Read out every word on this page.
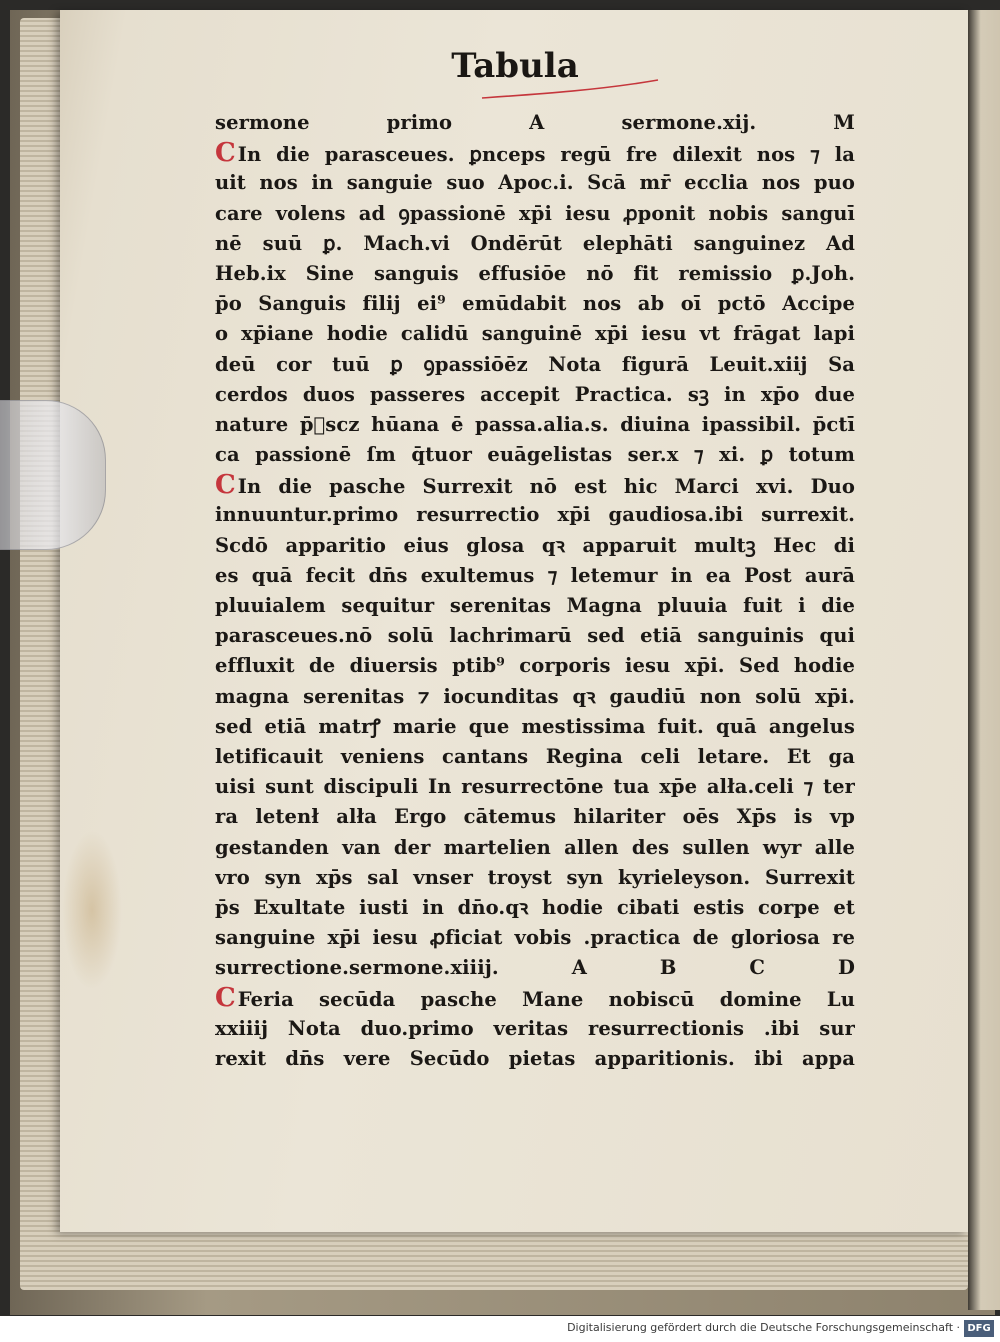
Tabula
sermone primo A sermone.xij. M
C In die parasceues. ꝑnceps regū fre dilexit nos ⁊ la
uit nos in sanguie suo Apoc.i. Scā mr̄ ecclia nos puo
care volens ad ꝯpassionē xp̄i iesu ꝓponit nobis sanguī
nē suū ꝑ. Mach.vi Ondērūt elephāti sanguinez Ad
Heb.ix Sine sanguis effusiōe nō fit remissio ꝑ.Joh.
p̄o Sanguis filij ei⁹ emūdabit nos ab oī pctō Accipe
o xp̄iane hodie calidū sanguinē xp̄i iesu vt frāgat lapi
deū cor tuū ꝑ ꝯpassiōēz Nota figurā Leuit.xiij Sa
cerdos duos passeres accepit Practica. sꝫ in xp̄o due
nature p̄᷑scz hūana ē passa.alia.s. diuina ipassibil. p̄ctī
ca passionē ſm q̄tuor euāgelistas ser.x ⁊ xi. ꝑ totum
C In die pasche Surrexit nō est hic Marci xvi. Duo
innuuntur.primo resurrectio xp̄i gaudiosa.ibi surrexit.
Scdō apparitio eius glosa qꝛ apparuit multꝫ Hec di
es quā fecit dn̄s exultemus ⁊ letemur in ea Post aurā
pluuialem sequitur serenitas Magna pluuia fuit i die
parasceues.nō solū lachrimarū sed etiā sanguinis qui
effluxit de diuersis ptib⁹ corporis iesu xp̄i. Sed hodie
magna serenitas ⁊ iocunditas qꝛ gaudiū non solū xp̄i.
sed etiā matrꝭ marie que mestissima fuit. quā angelus
letificauit veniens cantans Regina celi letare. Et ga
uisi sunt discipuli In resurrectōne tua xp̄e alła.celi ⁊ ter
ra letenł alła Ergo cātemus hilariter oēs Xp̄s is vp
gestanden van der martelien allen des sullen wyr alle
vro syn xp̄s sal vnser troyst syn kyrieleyson. Surrexit
p̄s Exultate iusti in dn̄o.qꝛ hodie cibati estis corpe et
sanguine xp̄i iesu ꝓficiat vobis .practica de gloriosa re
surrectione.sermone.xiiij. A B C D
C Feria secūda pasche Mane nobiscū domine Lu
xxiiij Nota duo.primo veritas resurrectionis .ibi sur
rexit dn̄s vere Secūdo pietas apparitionis. ibi appa
Digitalisierung gefördert durch die Deutsche Forschungsgemeinschaft · DFG
